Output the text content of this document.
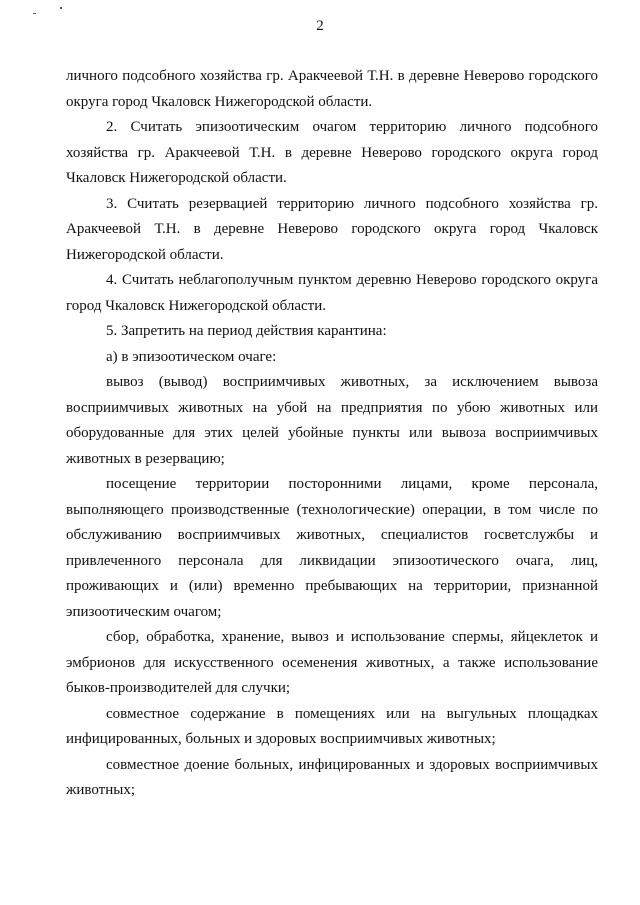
2

личного подсобного хозяйства гр. Аракчеевой Т.Н. в деревне Неверово городского округа город Чкаловск Нижегородской области.

2. Считать эпизоотическим очагом территорию личного подсобного хозяйства гр. Аракчеевой Т.Н. в деревне Неверово городского округа город Чкаловск Нижегородской области.

3. Считать резервацией территорию личного подсобного хозяйства гр. Аракчеевой Т.Н. в деревне Неверово городского округа город Чкаловск Нижегородской области.

4. Считать неблагополучным пунктом деревню Неверово городского округа город Чкаловск Нижегородской области.

5. Запретить на период действия карантина:

а) в эпизоотическом очаге:

вывоз (вывод) восприимчивых животных, за исключением вывоза восприимчивых животных на убой на предприятия по убою животных или оборудованные для этих целей убойные пункты или вывоза восприимчивых животных в резервацию;

посещение территории посторонними лицами, кроме персонала, выполняющего производственные (технологические) операции, в том числе по обслуживанию восприимчивых животных, специалистов госветслужбы и привлеченного персонала для ликвидации эпизоотического очага, лиц, проживающих и (или) временно пребывающих на территории, признанной эпизоотическим очагом;

сбор, обработка, хранение, вывоз и использование спермы, яйцеклеток и эмбрионов для искусственного осеменения животных, а также использование быков-производителей для случки;

совместное содержание в помещениях или на выгульных площадках инфицированных, больных и здоровых восприимчивых животных;

совместное доение больных, инфицированных и здоровых восприимчивых животных;
